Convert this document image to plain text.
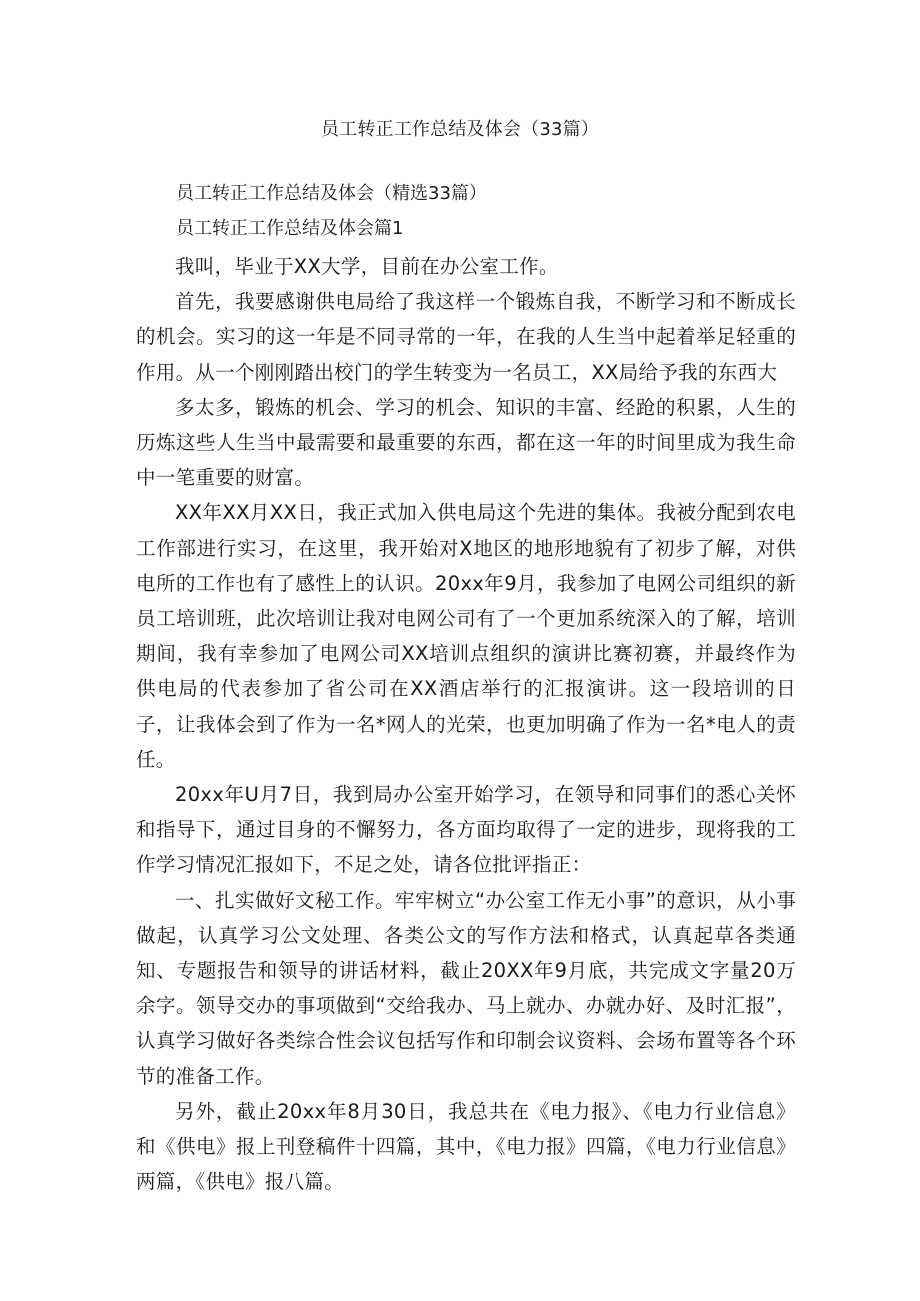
员工转正工作总结及体会（33篇）
员工转正工作总结及体会（精选33篇）
员工转正工作总结及体会篇1

我叫，毕业于XX大学，目前在办公室工作。

首先，我要感谢供电局给了我这样一个锻炼自我，不断学习和不断成长的机会。实习的这一年是不同寻常的一年，在我的人生当中起着举足轻重的作用。从一个刚刚踏出校门的学生转变为一名员工，XX局给予我的东西大

多太多，锻炼的机会、学习的机会、知识的丰富、经跄的积累，人生的历炼这些人生当中最需要和最重要的东西，都在这一年的时间里成为我生命中一笔重要的财富。

XX年XX月XX日，我正式加入供电局这个先进的集体。我被分配到农电工作部进行实习，在这里，我开始对X地区的地形地貌有了初步了解，对供电所的工作也有了感性上的认识。20xx年9月，我参加了电网公司组织的新员工培训班，此次培训让我对电网公司有了一个更加系统深入的了解，培训期间，我有幸参加了电网公司XX培训点组织的演讲比赛初赛，并最终作为供电局的代表参加了省公司在XX酒店举行的汇报演讲。这一段培训的日子，让我体会到了作为一名*网人的光荣，也更加明确了作为一名*电人的责任。

20xx年U月7日，我到局办公室开始学习，在领导和同事们的悉心关怀和指导下，通过目身的不懈努力，各方面均取得了一定的进步，现将我的工作学习情况汇报如下，不足之处，请各位批评指正：

一、扎实做好文秘工作。牢牢树立“办公室工作无小事”的意识，从小事做起，认真学习公文处理、各类公文的写作方法和格式，认真起草各类通知、专题报告和领导的讲话材料，截止20XX年9月底，共完成文字量20万余字。领导交办的事项做到“交给我办、马上就办、办就办好、及时汇报”，认真学习做好各类综合性会议包括写作和印制会议资料、会场布置等各个环节的准备工作。

另外，截止20xx年8月30日，我总共在《电力报》、《电力行业信息》和《供电》报上刊登稿件十四篇，其中，《电力报》四篇，《电力行业信息》两篇，《供电》报八篇。
